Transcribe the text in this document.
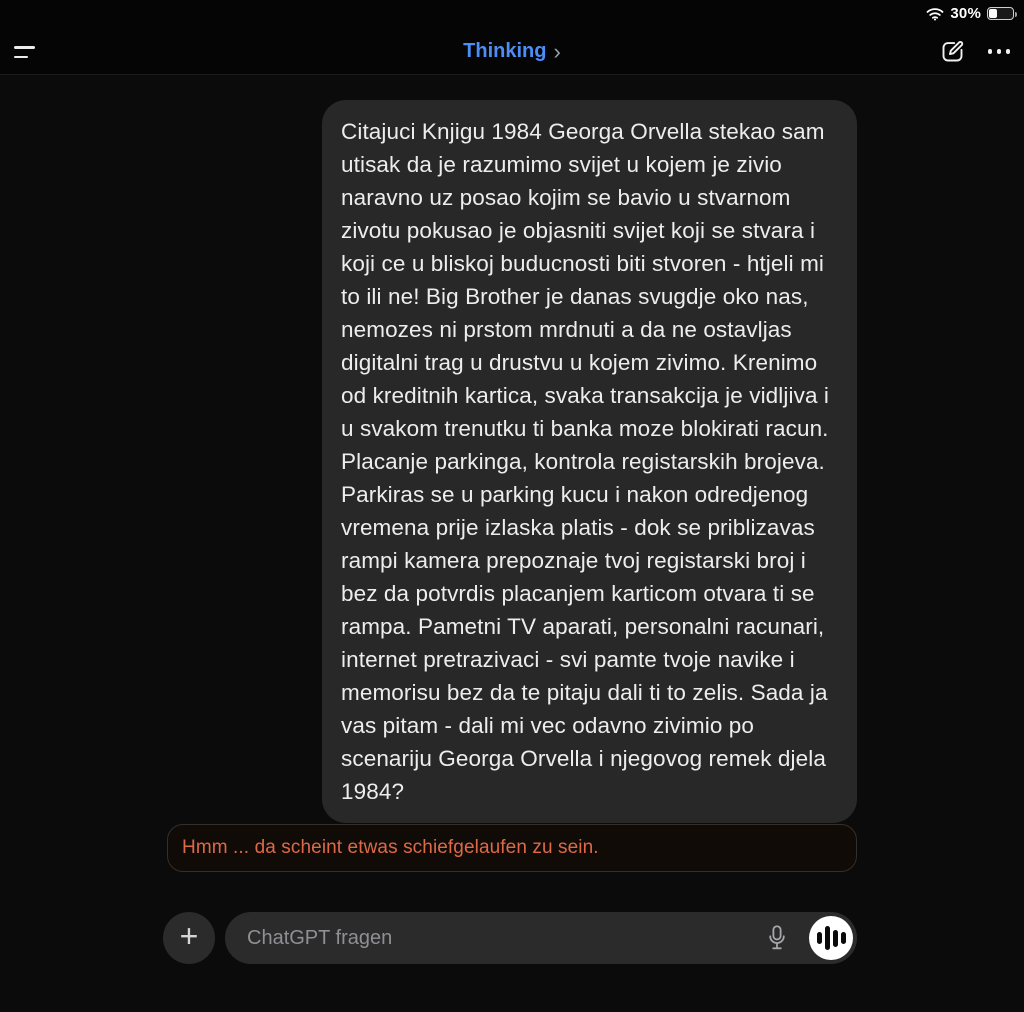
30%
Thinking ›
Citajuci Knjigu 1984 Georga Orvella stekao sam utisak da je razumimo svijet u kojem je zivio naravno uz posao kojim se bavio u stvarnom zivotu pokusao je objasniti svijet koji se stvara i koji ce u bliskoj buducnosti biti stvoren - htjeli mi to ili ne! Big Brother je danas svugdje oko nas, nemozes ni prstom mrdnuti a da ne ostavljas digitalni trag u drustvu u kojem zivimo. Krenimo od kreditnih kartica, svaka transakcija je vidljiva i u svakom trenutku ti banka moze blokirati racun. Placanje parkinga, kontrola registarskih brojeva. Parkiras se u parking kucu i nakon odredjenog vremena prije izlaska platis - dok se priblizavas rampi kamera prepoznaje tvoj registarski broj i bez da potvrdis placanjem karticom otvara ti se rampa. Pametni TV aparati, personalni racunari, internet pretrazivaci - svi pamte tvoje navike i memorisu bez da te pitaju dali ti to zelis. Sada ja vas pitam - dali mi vec odavno zivimio po scenariju Georga Orvella i njegovog remek djela 1984?
Hmm ... da scheint etwas schiefgelaufen zu sein.
+
ChatGPT fragen
